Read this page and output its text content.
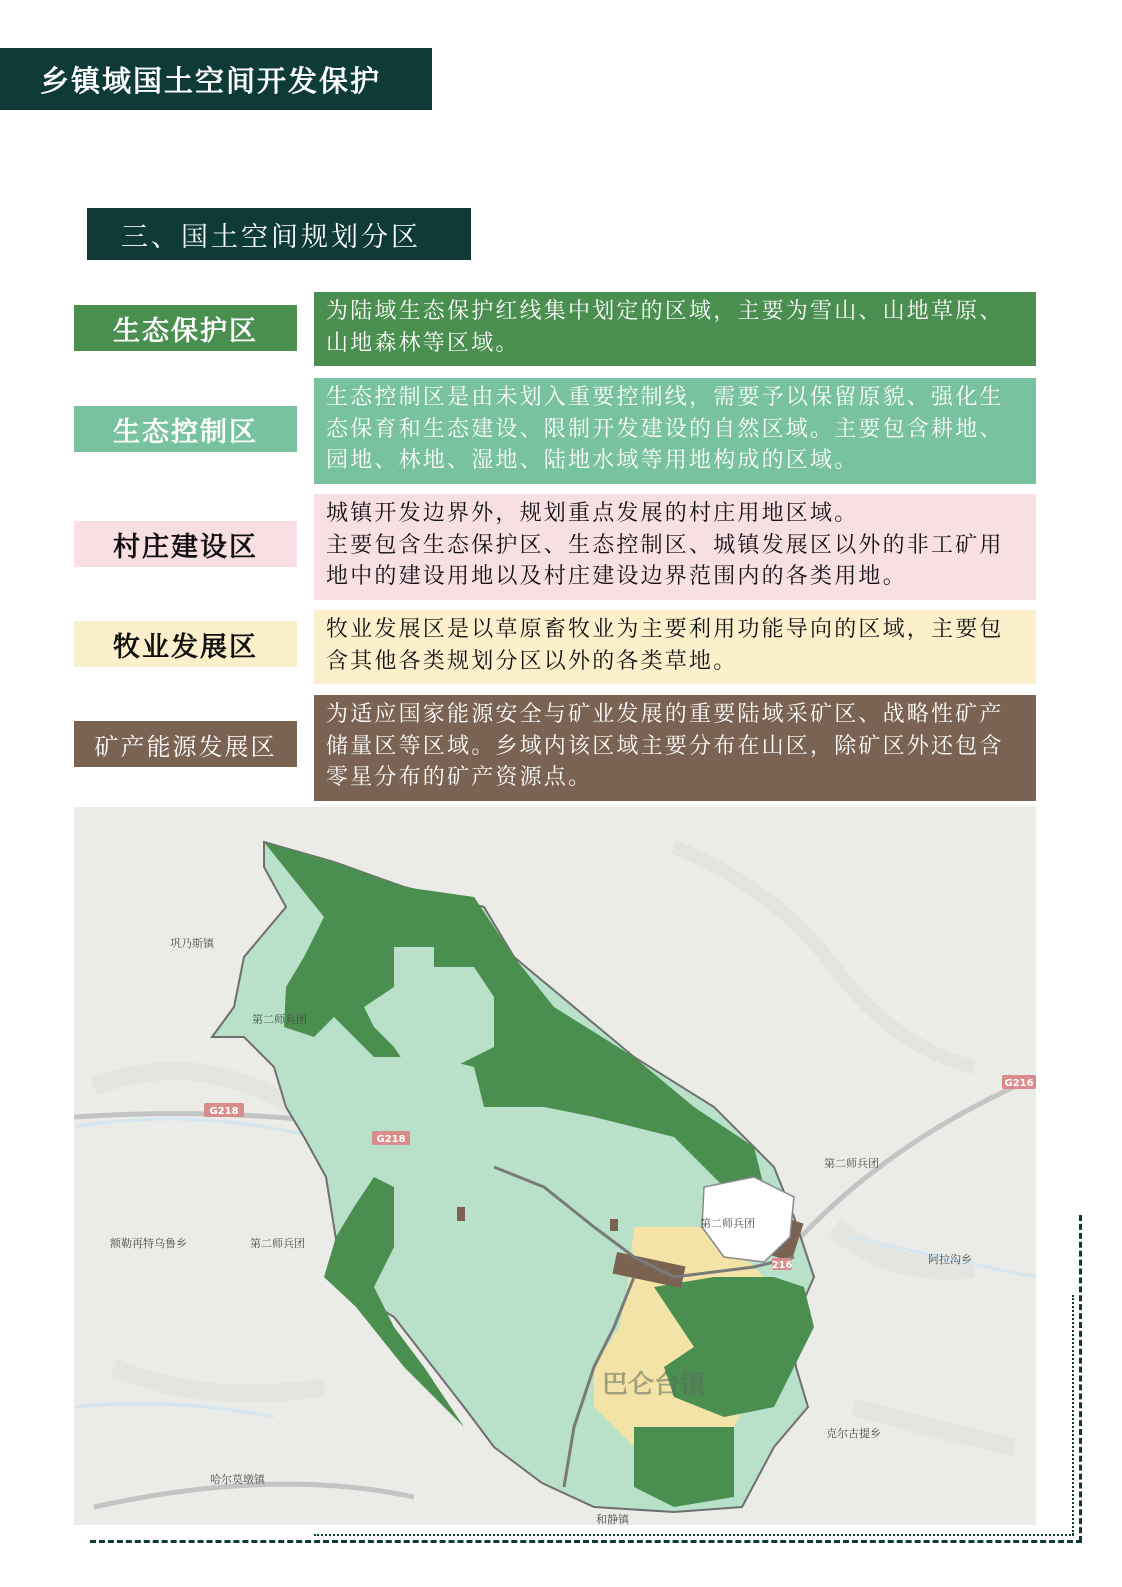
乡镇域国土空间开发保护
三、国土空间规划分区
生态保护区
为陆域生态保护红线集中划定的区域，主要为雪山、山地草原、山地森林等区域。
生态控制区
生态控制区是由未划入重要控制线，需要予以保留原貌、强化生态保育和生态建设、限制开发建设的自然区域。主要包含耕地、园地、林地、湿地、陆地水域等用地构成的区域。
村庄建设区
城镇开发边界外，规划重点发展的村庄用地区域。
主要包含生态保护区、生态控制区、城镇发展区以外的非工矿用地中的建设用地以及村庄建设边界范围内的各类用地。
牧业发展区
牧业发展区是以草原畜牧业为主要利用功能导向的区域，主要包含其他各类规划分区以外的各类草地。
矿产能源发展区
为适应国家能源安全与矿业发展的重要陆域采矿区、战略性矿产储量区等区域。乡域内该区域主要分布在山区，除矿区外还包含零星分布的矿产资源点。
G218
G218
G216
216
巩乃斯镇
第二师兵团
额勒再特乌鲁乡	第二师兵团
哈尔莫墩镇
第二师兵团
第二师兵团
阿拉沟乡
克尔古提乡
和静镇
巴仑台镇
